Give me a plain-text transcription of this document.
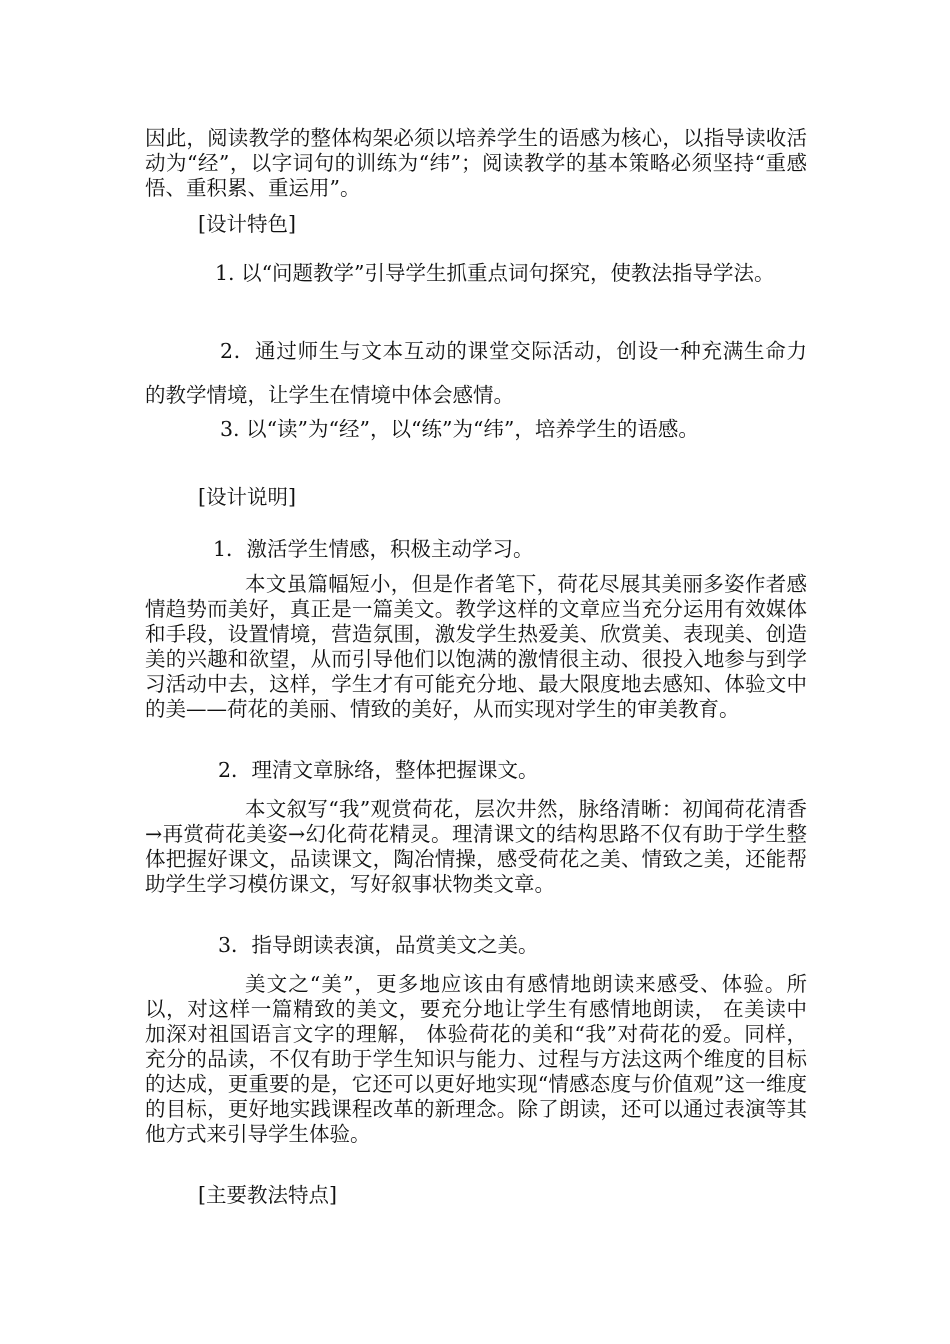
因此，阅读教学的整体构架必须以培养学生的语感为核心，以指导读收活动为“经”，以字词句的训练为“纬”；阅读教学的基本策略必须坚持“重感悟、重积累、重运用”。

[设计特色]

1. 以“问题教学”引导学生抓重点词句探究，使教法指导学法。

2．通过师生与文本互动的课堂交际活动，创设一种充满生命力的教学情境，让学生在情境中体会感情。

3. 以“读”为“经”，以“练”为“纬”，培养学生的语感。

[设计说明]

1．激活学生情感，积极主动学习。

本文虽篇幅短小，但是作者笔下，荷花尽展其美丽多姿作者感情趋势而美好，真正是一篇美文。教学这样的文章应当充分运用有效媒体和手段，设置情境，营造氛围，激发学生热爱美、欣赏美、表现美、创造美的兴趣和欲望，从而引导他们以饱满的激情很主动、很投入地参与到学习活动中去，这样，学生才有可能充分地、最大限度地去感知、体验文中的美——荷花的美丽、情致的美好，从而实现对学生的审美教育。

2．理清文章脉络，整体把握课文。

本文叙写“我”观赏荷花，层次井然，脉络清晰：初闻荷花清香→再赏荷花美姿→幻化荷花精灵。理清课文的结构思路不仅有助于学生整体把握好课文，品读课文，陶冶情操，感受荷花之美、情致之美，还能帮助学生学习模仿课文，写好叙事状物类文章。

3．指导朗读表演，品赏美文之美。

美文之“美”，更多地应该由有感情地朗读来感受、体验。所以，对这样一篇精致的美文，要充分地让学生有感情地朗读， 在美读中加深对祖国语言文字的理解， 体验荷花的美和“我”对荷花的爱。同样，充分的品读，不仅有助于学生知识与能力、过程与方法这两个维度的目标的达成，更重要的是，它还可以更好地实现“情感态度与价值观”这一维度的目标，更好地实践课程改革的新理念。除了朗读，还可以通过表演等其他方式来引导学生体验。

[主要教法特点]
